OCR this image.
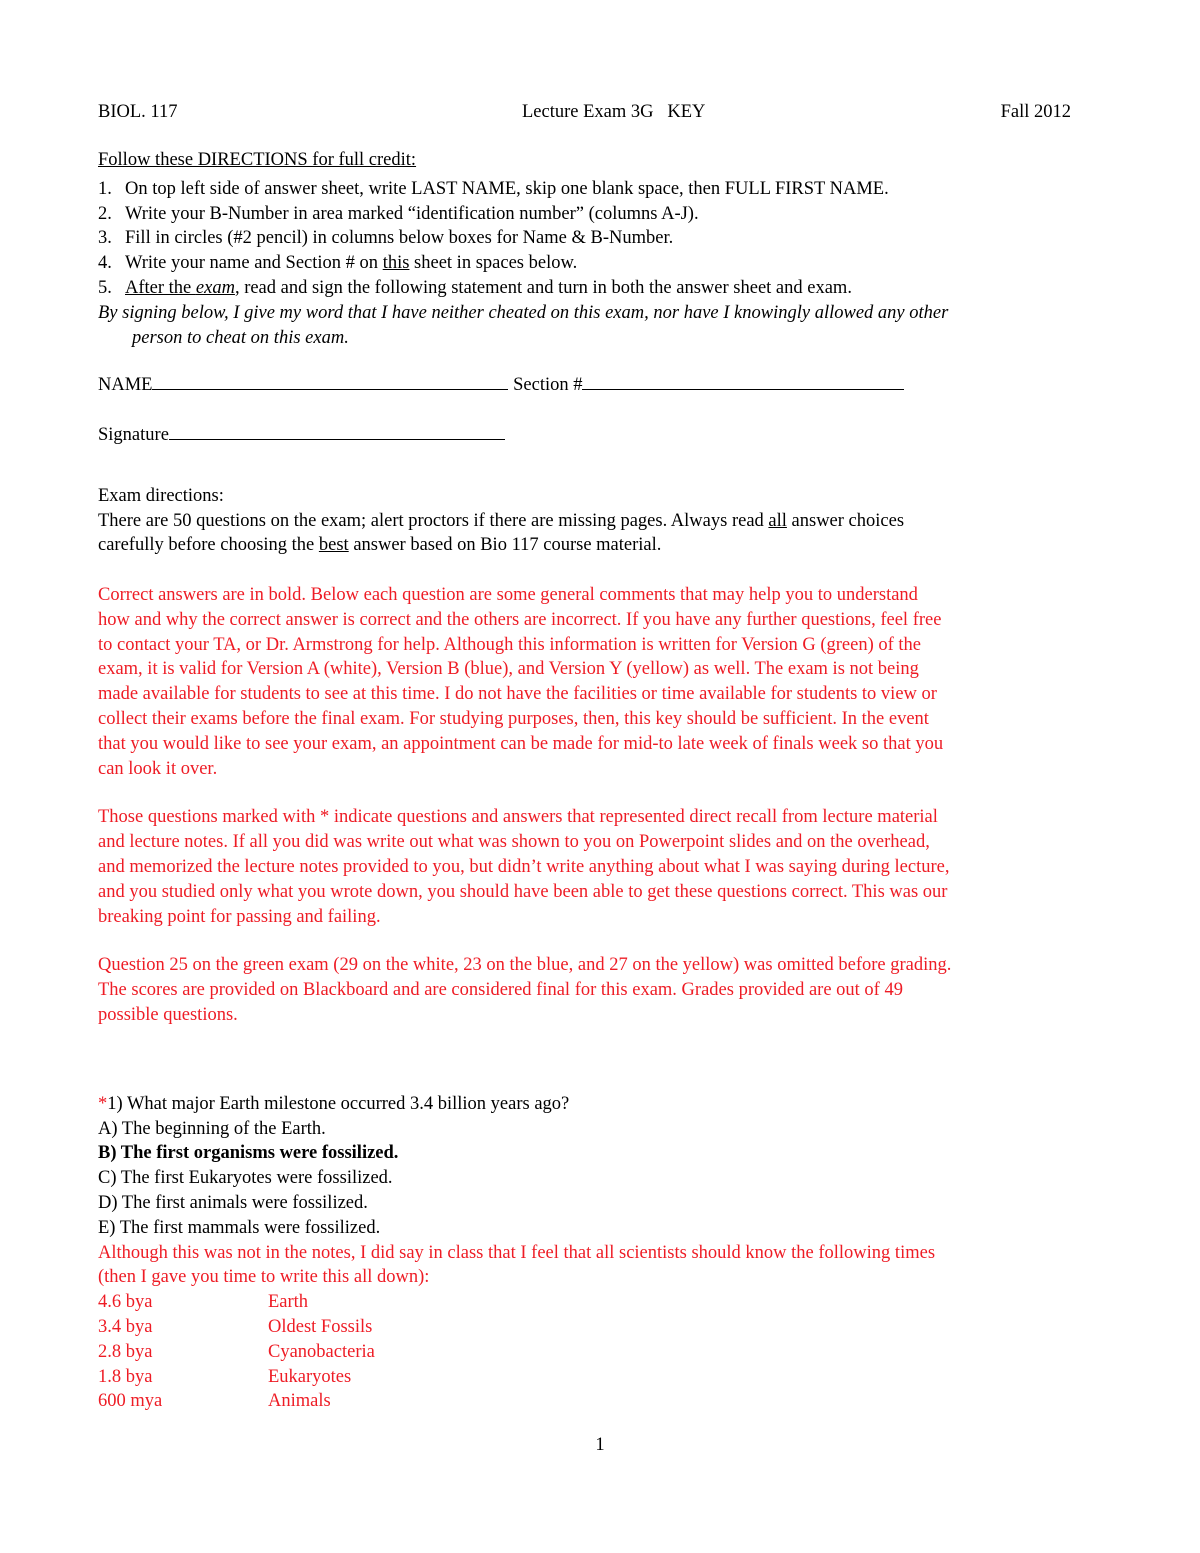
BIOL. 117	Lecture Exam 3G   KEY	Fall 2012
Follow these DIRECTIONS for full credit:
1. On top left side of answer sheet, write LAST NAME, skip one blank space, then FULL FIRST NAME.
2. Write your B-Number in area marked “identification number” (columns A-J).
3. Fill in circles (#2 pencil) in columns below boxes for Name & B-Number.
4. Write your name and Section # on this sheet in spaces below.
5. After the exam, read and sign the following statement and turn in both the answer sheet and exam.
By signing below, I give my word that I have neither cheated on this exam, nor have I knowingly allowed any other
person to cheat on this exam.
NAME	Section #
Signature
Exam directions:
There are 50 questions on the exam; alert proctors if there are missing pages. Always read all answer choices
carefully before choosing the best answer based on Bio 117 course material.
Correct answers are in bold. Below each question are some general comments that may help you to understand
how and why the correct answer is correct and the others are incorrect. If you have any further questions, feel free
to contact your TA, or Dr. Armstrong for help. Although this information is written for Version G (green) of the
exam, it is valid for Version A (white), Version B (blue), and Version Y (yellow) as well. The exam is not being
made available for students to see at this time. I do not have the facilities or time available for students to view or
collect their exams before the final exam. For studying purposes, then, this key should be sufficient. In the event
that you would like to see your exam, an appointment can be made for mid-to late week of finals week so that you
can look it over.
Those questions marked with * indicate questions and answers that represented direct recall from lecture material
and lecture notes. If all you did was write out what was shown to you on Powerpoint slides and on the overhead,
and memorized the lecture notes provided to you, but didn’t write anything about what I was saying during lecture,
and you studied only what you wrote down, you should have been able to get these questions correct. This was our
breaking point for passing and failing.
Question 25 on the green exam (29 on the white, 23 on the blue, and 27 on the yellow) was omitted before grading.
The scores are provided on Blackboard and are considered final for this exam. Grades provided are out of 49
possible questions.
*1) What major Earth milestone occurred 3.4 billion years ago?
A) The beginning of the Earth.
B) The first organisms were fossilized.
C) The first Eukaryotes were fossilized.
D) The first animals were fossilized.
E) The first mammals were fossilized.
Although this was not in the notes, I did say in class that I feel that all scientists should know the following times
(then I gave you time to write this all down):
4.6 bya	Earth
3.4 bya	Oldest Fossils
2.8 bya	Cyanobacteria
1.8 bya	Eukaryotes
600 mya	Animals
1
